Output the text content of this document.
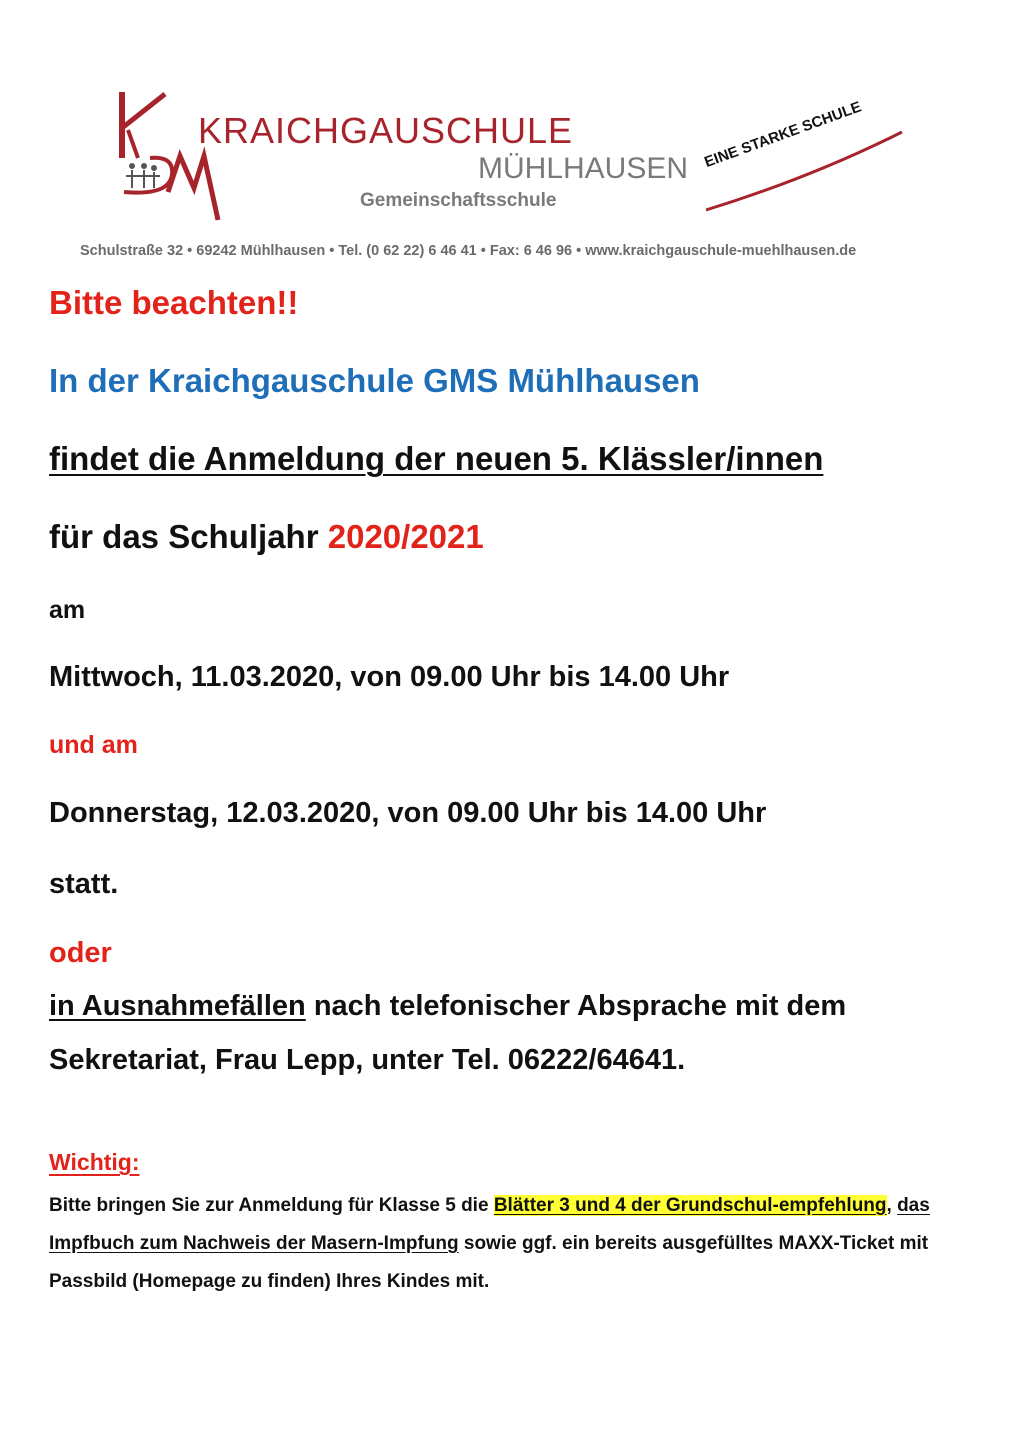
KRAICHGAUSCHULE
MÜHLHAUSEN
Gemeinschaftsschule
EINE STARKE SCHULE
Schulstraße 32 • 69242 Mühlhausen • Tel. (0 62 22) 6 46 41 • Fax: 6 46 96 • www.kraichgauschule-muehlhausen.de
Bitte beachten!!
In der Kraichgauschule GMS Mühlhausen
findet die Anmeldung der neuen 5. Klässler/innen
für das Schuljahr 2020/2021
am
Mittwoch, 11.03.2020, von 09.00 Uhr bis 14.00 Uhr
und am
Donnerstag, 12.03.2020, von 09.00 Uhr bis 14.00 Uhr
statt.
oder
in Ausnahmefällen nach telefonischer Absprache mit dem
Sekretariat, Frau Lepp, unter Tel. 06222/64641.
Wichtig:
Bitte bringen Sie zur Anmeldung für Klasse 5 die Blätter 3 und 4 der Grundschul-empfehlung, das Impfbuch zum Nachweis der Masern-Impfung sowie ggf. ein bereits ausgefülltes MAXX-Ticket mit Passbild (Homepage zu finden) Ihres Kindes mit.
